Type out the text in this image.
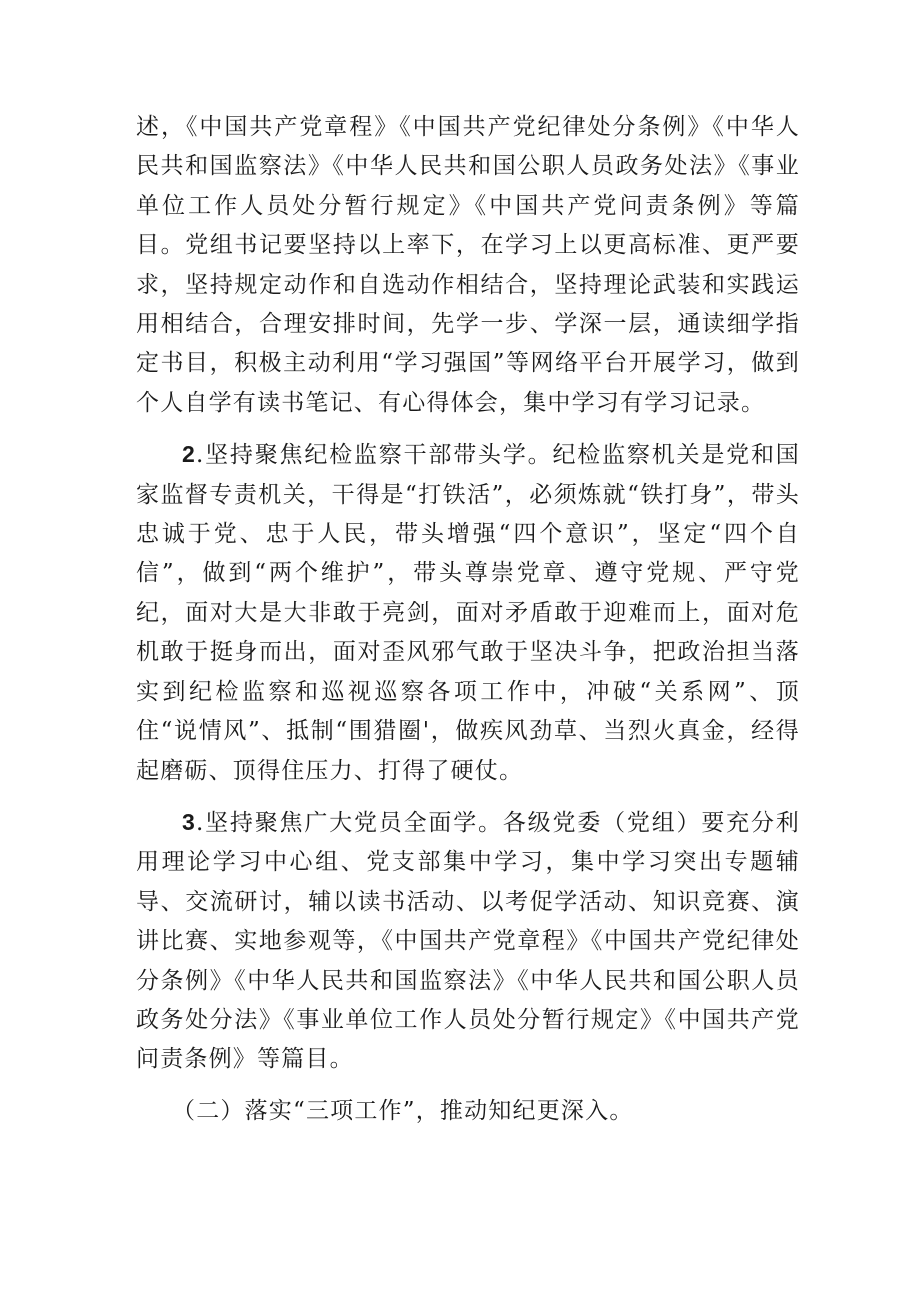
述，《中国共产党章程》《中国共产党纪律处分条例》《中华人民共和国监察法》《中华人民共和国公职人员政务处法》《事业单位工作人员处分暂行规定》《中国共产党问责条例》等篇目。党组书记要坚持以上率下，在学习上以更高标准、更严要求，坚持规定动作和自选动作相结合，坚持理论武装和实践运用相结合，合理安排时间，先学一步、学深一层，通读细学指定书目，积极主动利用“学习强国”等网络平台开展学习，做到个人自学有读书笔记、有心得体会，集中学习有学习记录。

2.坚持聚焦纪检监察干部带头学。纪检监察机关是党和国家监督专责机关，干得是“打铁活”，必须炼就“铁打身”，带头忠诚于党、忠于人民，带头增强“四个意识”，坚定“四个自信”，做到“两个维护”，带头尊崇党章、遵守党规、严守党纪，面对大是大非敢于亮剑，面对矛盾敢于迎难而上，面对危机敢于挺身而出，面对歪风邪气敢于坚决斗争，把政治担当落实到纪检监察和巡视巡察各项工作中，冲破“关系网”、顶住“说情风”、抵制“围猎圈'，做疾风劲草、当烈火真金，经得起磨砺、顶得住压力、打得了硬仗。

3.坚持聚焦广大党员全面学。各级党委（党组）要充分利用理论学习中心组、党支部集中学习，集中学习突出专题辅导、交流研讨，辅以读书活动、以考促学活动、知识竞赛、演讲比赛、实地参观等，《中国共产党章程》《中国共产党纪律处分条例》《中华人民共和国监察法》《中华人民共和国公职人员政务处分法》《事业单位工作人员处分暂行规定》《中国共产党问责条例》等篇目。

（二）落实“三项工作”，推动知纪更深入。
